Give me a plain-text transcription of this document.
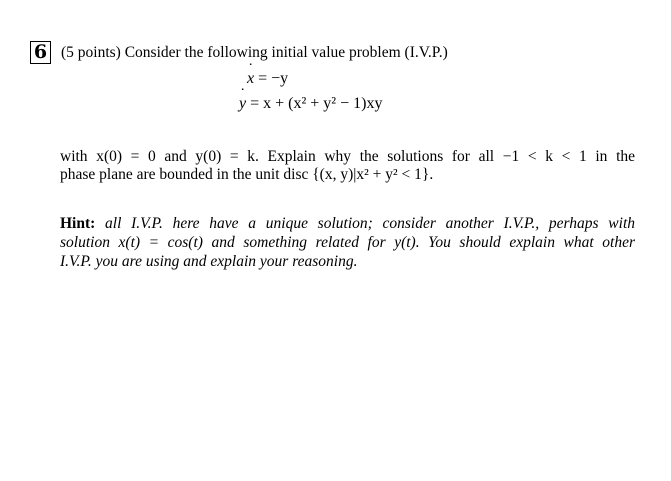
6 (5 points) Consider the following initial value problem (I.V.P.)
˙ x = −y
˙ y = x + (x² + y² − 1)xy
with x(0) = 0 and y(0) = k. Explain why the solutions for all −1 < k < 1 in the
phase plane are bounded in the unit disc {(x, y)|x² + y² < 1}.
Hint: all I.V.P. here have a unique solution; consider another I.V.P., perhaps with
solution x(t) = cos(t) and something related for y(t). You should explain what other
I.V.P. you are using and explain your reasoning.
